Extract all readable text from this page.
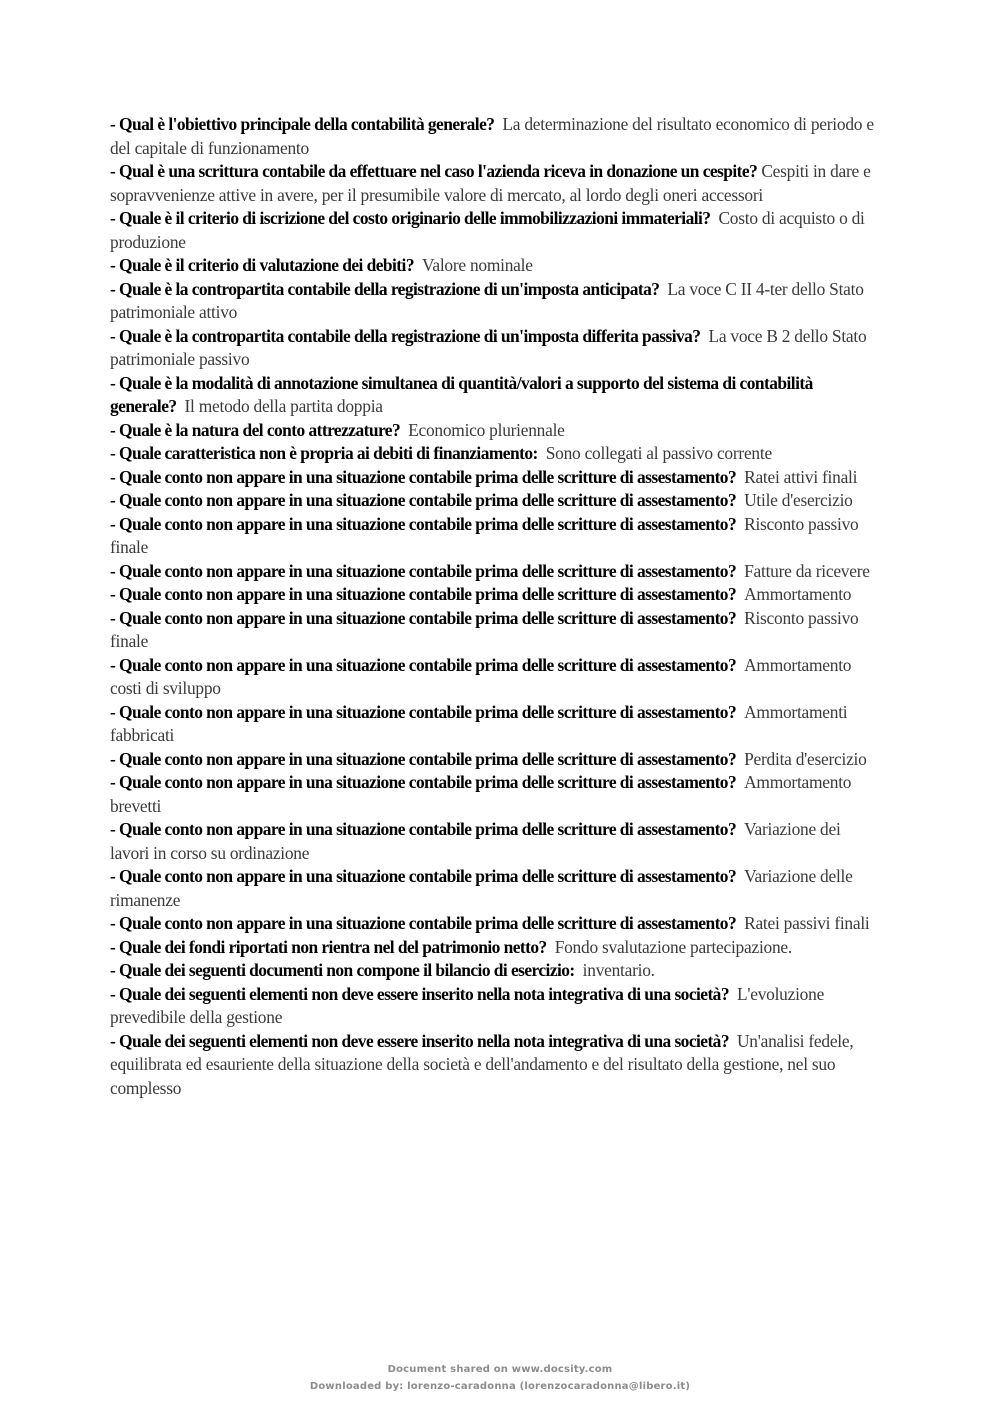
- Qual è l'obiettivo principale della contabilità generale? La determinazione del risultato economico di periodo e del capitale di funzionamento

- Qual è una scrittura contabile da effettuare nel caso l'azienda riceva in donazione un cespite? Cespiti in dare e sopravvenienze attive in avere, per il presumibile valore di mercato, al lordo degli oneri accessori

- Quale è il criterio di iscrizione del costo originario delle immobilizzazioni immateriali? Costo di acquisto o di produzione

- Quale è il criterio di valutazione dei debiti? Valore nominale

- Quale è la contropartita contabile della registrazione di un'imposta anticipata? La voce C II 4-ter dello Stato patrimoniale attivo

- Quale è la contropartita contabile della registrazione di un'imposta differita passiva? La voce B 2 dello Stato patrimoniale passivo

- Quale è la modalità di annotazione simultanea di quantità/valori a supporto del sistema di contabilità generale? Il metodo della partita doppia

- Quale è la natura del conto attrezzature? Economico pluriennale

- Quale caratteristica non è propria ai debiti di finanziamento: Sono collegati al passivo corrente

- Quale conto non appare in una situazione contabile prima delle scritture di assestamento? Ratei attivi finali

- Quale conto non appare in una situazione contabile prima delle scritture di assestamento? Utile d'esercizio

- Quale conto non appare in una situazione contabile prima delle scritture di assestamento? Risconto passivo finale

- Quale conto non appare in una situazione contabile prima delle scritture di assestamento? Fatture da ricevere

- Quale conto non appare in una situazione contabile prima delle scritture di assestamento? Ammortamento

- Quale conto non appare in una situazione contabile prima delle scritture di assestamento? Risconto passivo finale

- Quale conto non appare in una situazione contabile prima delle scritture di assestamento? Ammortamento costi di sviluppo

- Quale conto non appare in una situazione contabile prima delle scritture di assestamento? Ammortamenti fabbricati

- Quale conto non appare in una situazione contabile prima delle scritture di assestamento? Perdita d'esercizio

- Quale conto non appare in una situazione contabile prima delle scritture di assestamento? Ammortamento brevetti

- Quale conto non appare in una situazione contabile prima delle scritture di assestamento? Variazione dei lavori in corso su ordinazione

- Quale conto non appare in una situazione contabile prima delle scritture di assestamento? Variazione delle rimanenze

- Quale conto non appare in una situazione contabile prima delle scritture di assestamento? Ratei passivi finali

- Quale dei fondi riportati non rientra nel del patrimonio netto? Fondo svalutazione partecipazione.

- Quale dei seguenti documenti non compone il bilancio di esercizio: inventario.

- Quale dei seguenti elementi non deve essere inserito nella nota integrativa di una società? L'evoluzione prevedibile della gestione

- Quale dei seguenti elementi non deve essere inserito nella nota integrativa di una società? Un'analisi fedele, equilibrata ed esauriente della situazione della società e dell'andamento e del risultato della gestione, nel suo complesso

Document shared on www.docsity.com
Downloaded by: lorenzo-caradonna (lorenzocaradonna@libero.it)
